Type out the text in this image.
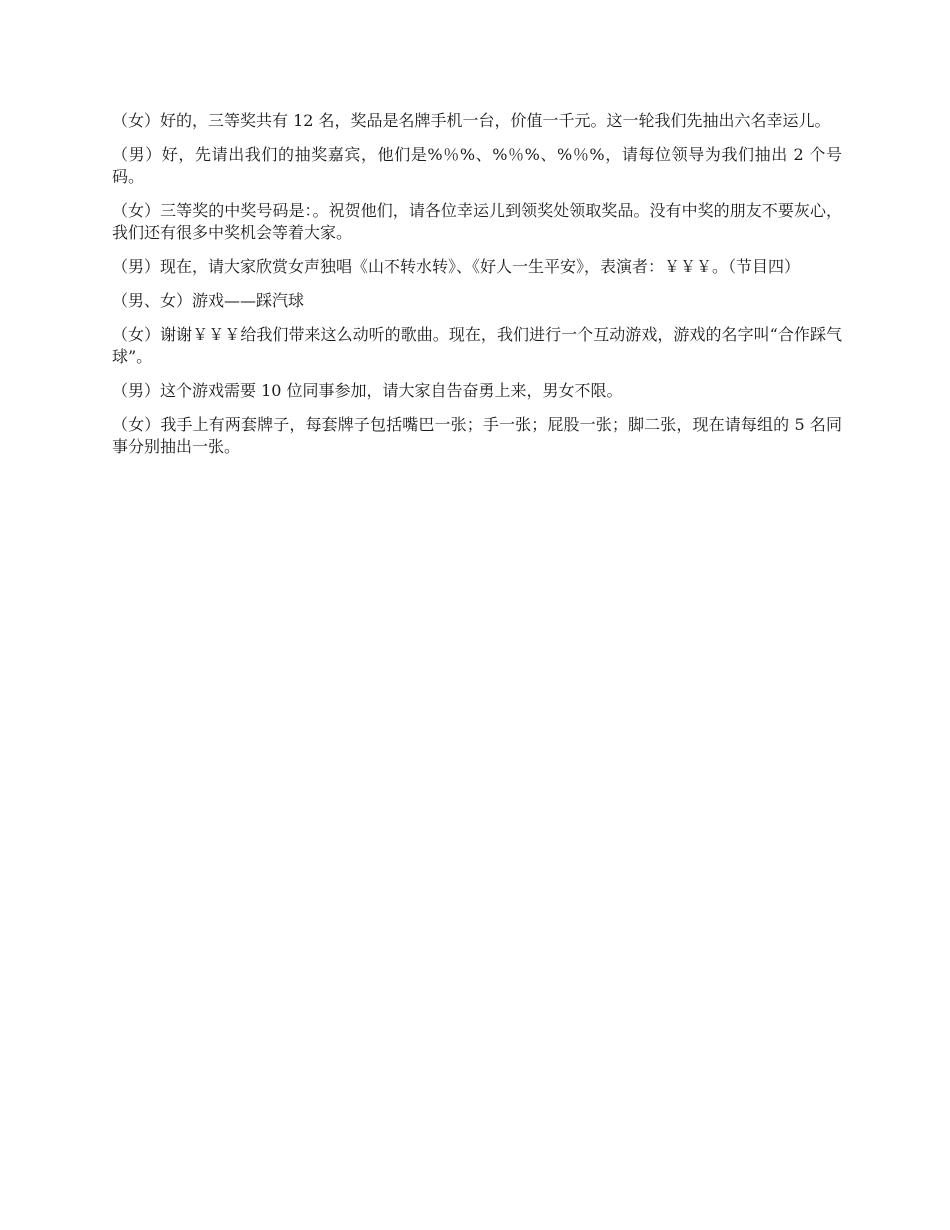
（女）好的，三等奖共有 12 名，奖品是名牌手机一台，价值一千元。这一轮我们先抽出六名幸运儿。

（男）好，先请出我们的抽奖嘉宾，他们是%％%、%％%、%％%，请每位领导为我们抽出 2 个号码。

（女）三等奖的中奖号码是：。祝贺他们，请各位幸运儿到领奖处领取奖品。没有中奖的朋友不要灰心，我们还有很多中奖机会等着大家。

（男）现在，请大家欣赏女声独唱《山不转水转》、《好人一生平安》，表演者：￥￥￥。（节目四）

（男、女）游戏——踩汽球

（女）谢谢￥￥￥给我们带来这么动听的歌曲。现在，我们进行一个互动游戏，游戏的名字叫“合作踩气球”。

（男）这个游戏需要 10 位同事参加，请大家自告奋勇上来，男女不限。

（女）我手上有两套牌子，每套牌子包括嘴巴一张；手一张；屁股一张；脚二张，现在请每组的 5 名同事分别抽出一张。
